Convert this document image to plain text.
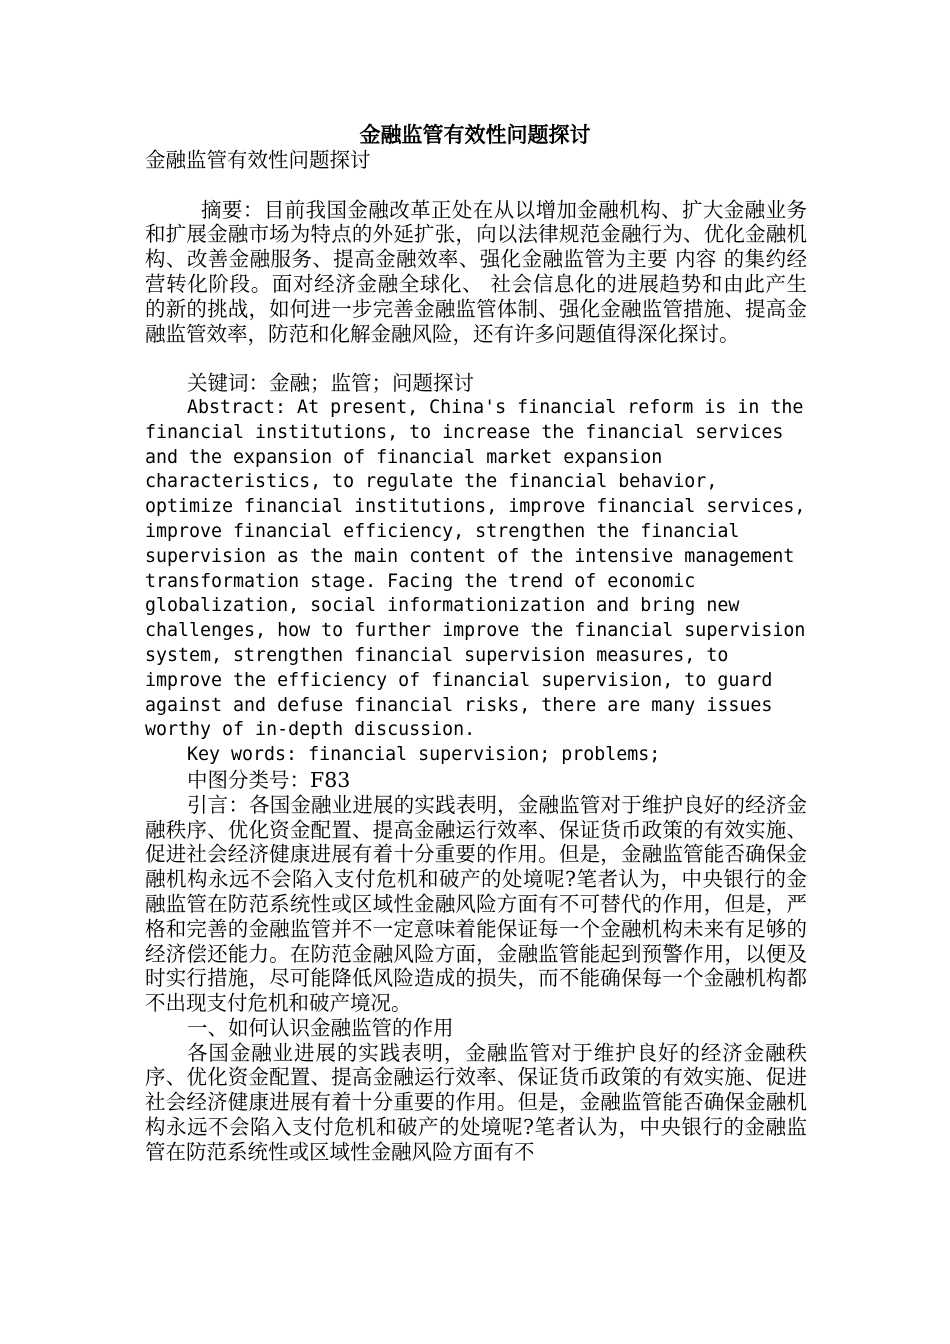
金融监管有效性问题探讨

金融监管有效性问题探讨

摘要：目前我国金融改革正处在从以增加金融机构、扩大金融业务和扩展金融市场为特点的外延扩张，向以法律规范金融行为、优化金融机构、改善金融服务、提高金融效率、强化金融监管为主要 内容 的集约经营转化阶段。面对经济金融全球化、 社会信息化的进展趋势和由此产生的新的挑战，如何进一步完善金融监管体制、强化金融监管措施、提高金融监管效率，防范和化解金融风险，还有许多问题值得深化探讨。

关键词：金融；监管；问题探讨

Abstract: At present, China's financial reform is in the financial institutions, to increase the financial services and the expansion of financial market expansion characteristics, to regulate the financial behavior, optimize financial institutions, improve financial services, improve financial efficiency, strengthen the financial supervision as the main content of the intensive management transformation stage. Facing the trend of economic globalization, social informationization and bring new challenges, how to further improve the financial supervision system, strengthen financial supervision measures, to improve the efficiency of financial supervision, to guard against and defuse financial risks, there are many issues worthy of in-depth discussion.

Key words: financial supervision; problems;

中图分类号：F83

引言：各国金融业进展的实践表明，金融监管对于维护良好的经济金融秩序、优化资金配置、提高金融运行效率、保证货币政策的有效实施、促进社会经济健康进展有着十分重要的作用。但是，金融监管能否确保金融机构永远不会陷入支付危机和破产的处境呢?笔者认为，中央银行的金融监管在防范系统性或区域性金融风险方面有不可替代的作用，但是，严格和完善的金融监管并不一定意味着能保证每一个金融机构未来有足够的经济偿还能力。在防范金融风险方面，金融监管能起到预警作用，以便及时实行措施，尽可能降低风险造成的损失，而不能确保每一个金融机构都不出现支付危机和破产境况。

一、如何认识金融监管的作用

各国金融业进展的实践表明，金融监管对于维护良好的经济金融秩序、优化资金配置、提高金融运行效率、保证货币政策的有效实施、促进社会经济健康进展有着十分重要的作用。但是，金融监管能否确保金融机构永远不会陷入支付危机和破产的处境呢?笔者认为，中央银行的金融监管在防范系统性或区域性金融风险方面有不
